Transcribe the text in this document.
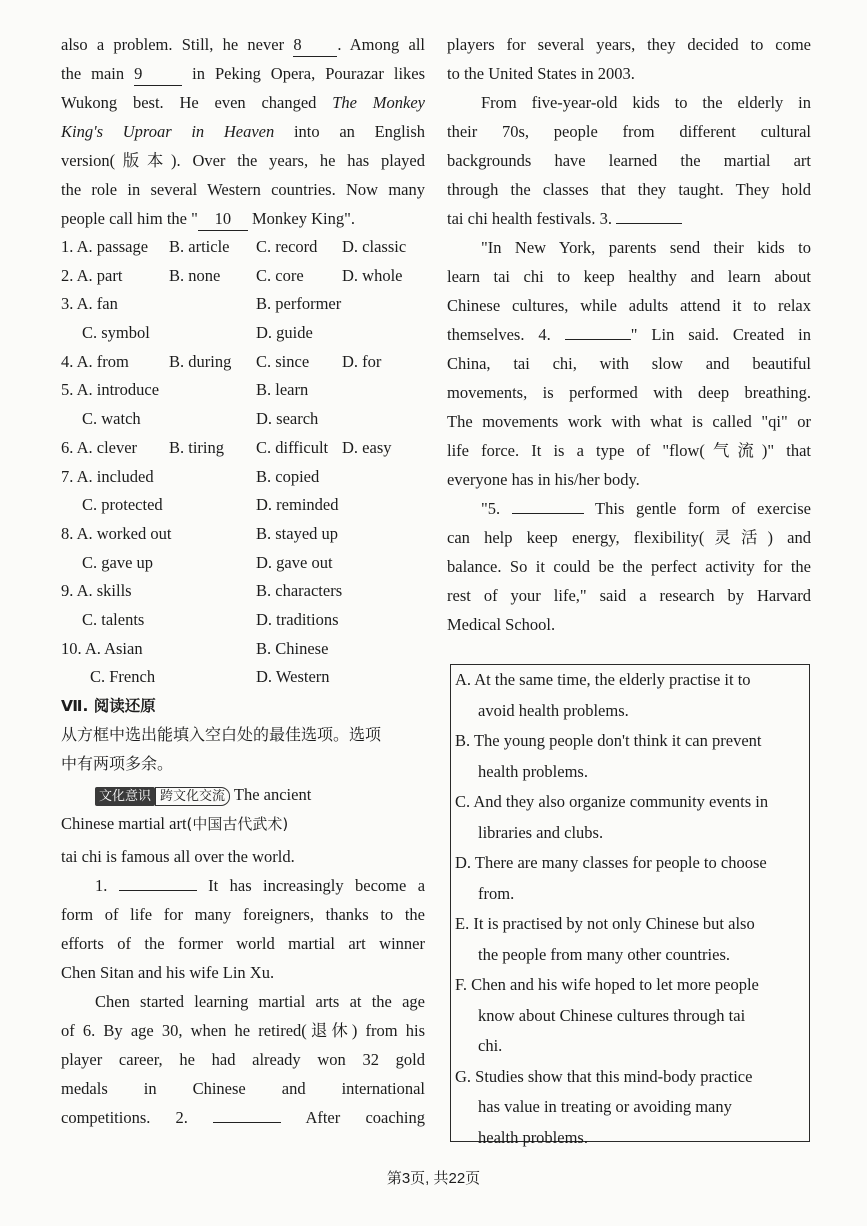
also a problem. Still, he never 8 . Among all
the main 9	in Peking Opera, Pourazar likes
Wukong best. He even changed The Monkey
King's Uproar in Heaven into an English
version(版本). Over the years, he has played
the role in several Western countries. Now many
people call him the " 10 Monkey King".
1. A. passage B. article C. record D. classic
2. A. part	B. none C. core D. whole
3. A. fan	B. performer
C. symbol	D. guide
4. A. from B. during C. since D. for
5. A. introduce	B. learn
C. watch	D. search
6. A. clever B. tiring C. difficult D. easy
7. A. included	B. copied
C. protected	D. reminded
8. A. worked out	B. stayed up
C. gave up	D. gave out
9. A. skills	B. characters
C. talents	D. traditions
10. A. Asian	B. Chinese
C. French	D. Western
Ⅶ. 阅读还原
从方框中选出能填入空白处的最佳选项。选项
中有两项多余。
文化意识 跨文化交流 The ancient
Chinese martial art(中国古代武术)
tai chi is famous all over the world.
1.	It has increasingly become a
form of life for many foreigners, thanks to the
efforts of the former world martial art winner
Chen Sitan and his wife Lin Xu.
Chen started learning martial arts at the age
of 6. By age 30, when he retired(退休) from his
player career, he had already won 32 gold
medals in Chinese and international
competitions. 2.	After coaching
players for several years, they decided to come
to the United States in 2003.
From five-year-old kids to the elderly in
their 70s, people from different cultural
backgrounds have learned the martial art
through the classes that they taught. They hold
tai chi health festivals. 3.
"In New York, parents send their kids to
learn tai chi to keep healthy and learn about
Chinese cultures, while adults attend it to relax
themselves. 4.	" Lin said. Created in
China, tai chi, with slow and beautiful
movements, is performed with deep breathing.
The movements work with what is called "qi" or
life force. It is a type of "flow(气流)" that
everyone has in his/her body.
"5.	This gentle form of exercise
can help keep energy, flexibility(灵活) and
balance. So it could be the perfect activity for the
rest of your life," said a research by Harvard
Medical School.
A. At the same time, the elderly practise it to
avoid health problems.
B. The young people don't think it can prevent
health problems.
C. And they also organize community events in
libraries and clubs.
D. There are many classes for people to choose
from.
E. It is practised by not only Chinese but also
the people from many other countries.
F. Chen and his wife hoped to let more people
know about Chinese cultures through tai
chi.
G. Studies show that this mind-body practice
has value in treating or avoiding many
health problems.
第3页, 共22页
